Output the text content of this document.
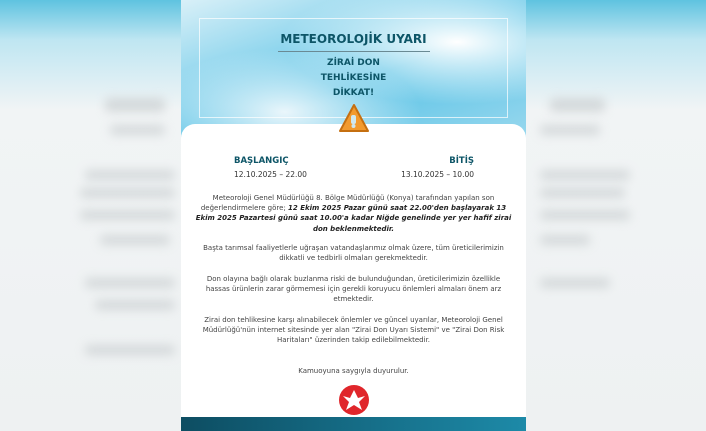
METEOROLOJİK UYARI
ZİRAİ DON
TEHLİKESİNE
DİKKAT!
BAŞLANGIÇ
12.10.2025 – 22.00
BİTİŞ
13.10.2025 – 10.00

Meteoroloji Genel Müdürlüğü 8. Bölge Müdürlüğü (Konya) tarafından yapılan son değerlendirmelere göre; 12 Ekim 2025 Pazar günü saat 22.00'den başlayarak 13 Ekim 2025 Pazartesi günü saat 10.00'a kadar Niğde genelinde yer yer hafif zirai don beklenmektedir.

Başta tarımsal faaliyetlerle uğraşan vatandaşlarımız olmak üzere, tüm üreticilerimizin dikkatli ve tedbirli olmaları gerekmektedir.

Don olayına bağlı olarak buzlanma riski de bulunduğundan, üreticilerimizin özellikle hassas ürünlerin zarar görmemesi için gerekli koruyucu önlemleri almaları önem arz etmektedir.

Zirai don tehlikesine karşı alınabilecek önlemler ve güncel uyarılar, Meteoroloji Genel Müdürlüğü'nün internet sitesinde yer alan "Zirai Don Uyarı Sistemi" ve "Zirai Don Risk Haritaları" üzerinden takip edilebilmektedir.

Kamuoyuna saygıyla duyurulur.
